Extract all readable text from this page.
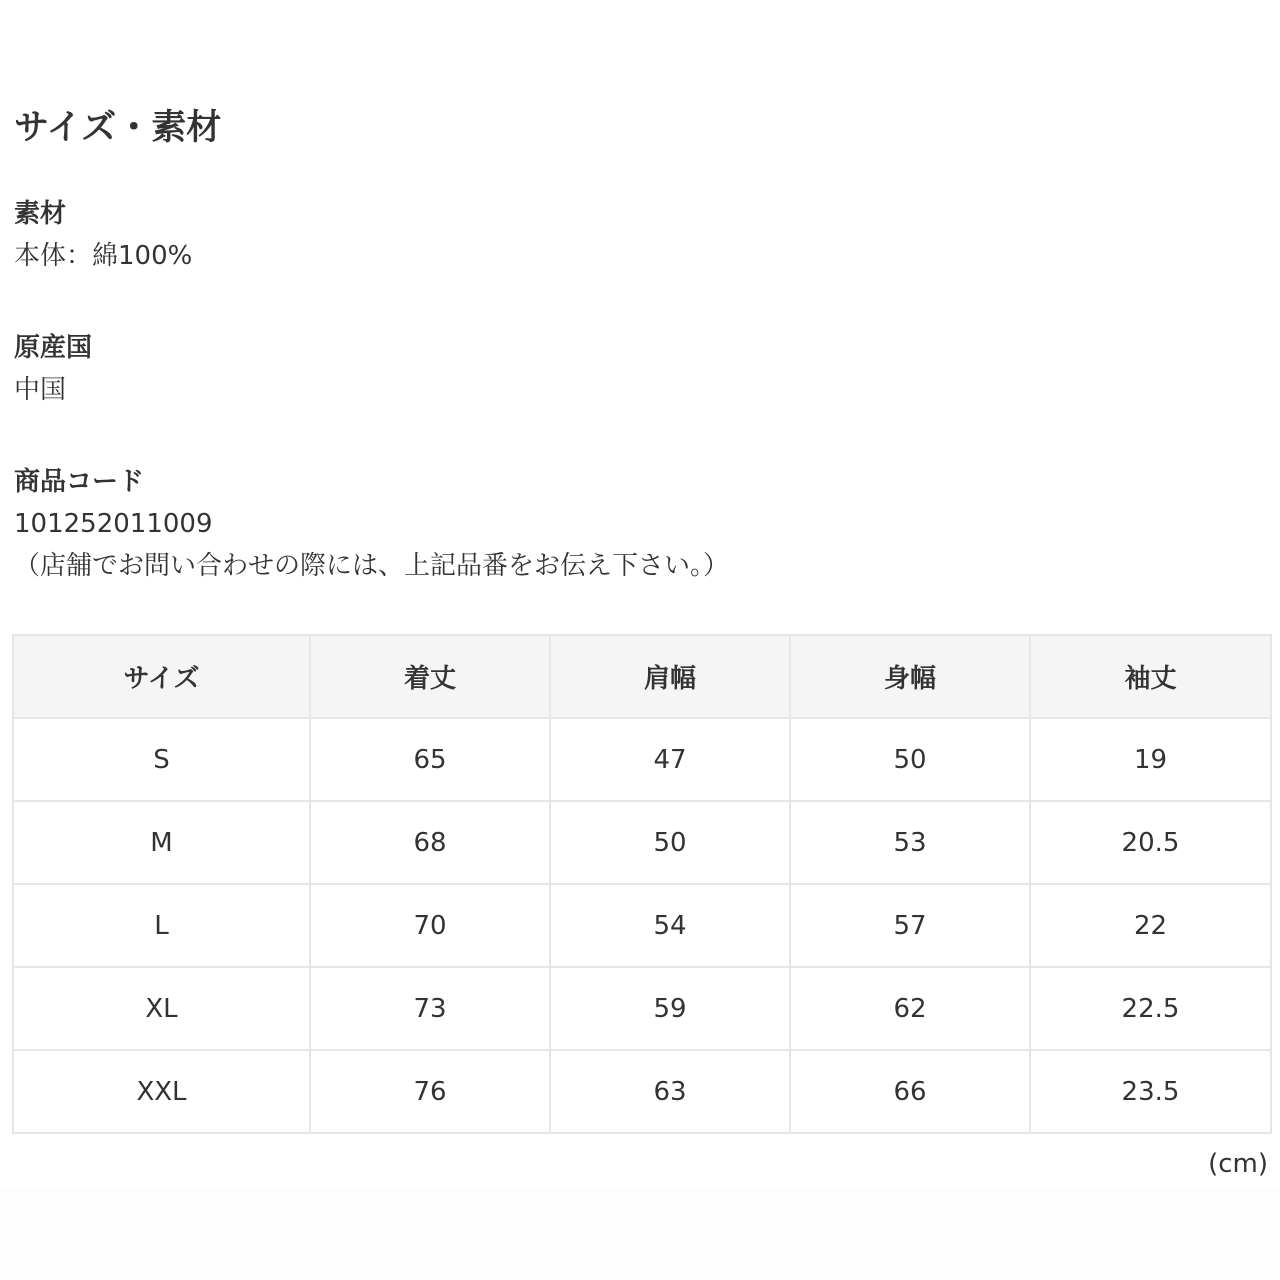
サイズ・素材
素材
本体：綿100%
原産国
中国
商品コード
101252011009
（店舗でお問い合わせの際には、上記品番をお伝え下さい。）
サイズ	着丈	肩幅	身幅	袖丈
S	65	47	50	19
M	68	50	53	20.5
L	70	54	57	22
XL	73	59	62	22.5
XXL	76	63	66	23.5
(cm)
